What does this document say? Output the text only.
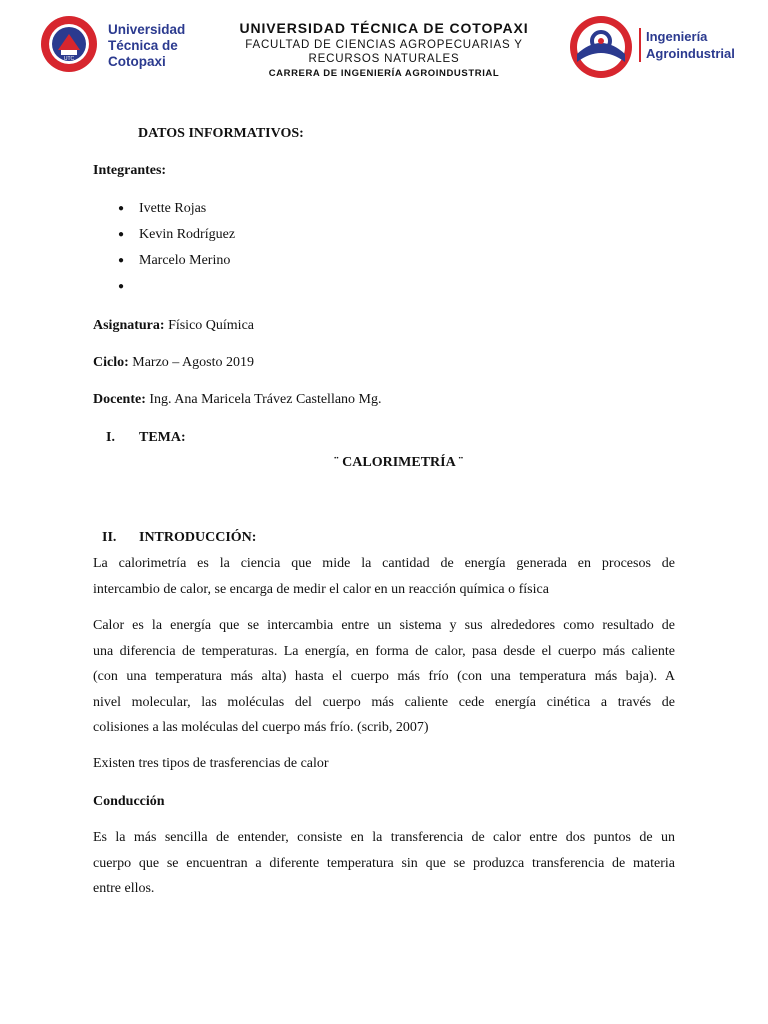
UTC
Universidad
Técnica de
Cotopaxi
UNIVERSIDAD TÉCNICA DE COTOPAXI
FACULTAD DE CIENCIAS AGROPECUARIAS Y
RECURSOS NATURALES
CARRERA DE INGENIERÍA AGROINDUSTRIAL
Ingeniería
Agroindustrial
DATOS INFORMATIVOS:
Integrantes:
● Ivette Rojas
● Kevin Rodríguez
● Marcelo Merino
●
Asignatura: Físico Química
Ciclo: Marzo – Agosto 2019
Docente: Ing. Ana Maricela Trávez Castellano Mg.
I. TEMA:
¨ CALORIMETRÍA ¨
II. INTRODUCCIÓN:
La calorimetría es la ciencia que mide la cantidad de energía generada en procesos de
intercambio de calor, se encarga de medir el calor en un reacción química o física
Calor es la energía que se intercambia entre un sistema y sus alrededores como resultado de
una diferencia de temperaturas. La energía, en forma de calor, pasa desde el cuerpo más caliente
(con una temperatura más alta) hasta el cuerpo más frío (con una temperatura más baja). A
nivel molecular, las moléculas del cuerpo más caliente cede energía cinética a través de
colisiones a las moléculas del cuerpo más frío. (scrib, 2007)
Existen tres tipos de trasferencias de calor
Conducción
Es la más sencilla de entender, consiste en la transferencia de calor entre dos puntos de un
cuerpo que se encuentran a diferente temperatura sin que se produzca transferencia de materia
entre ellos.
